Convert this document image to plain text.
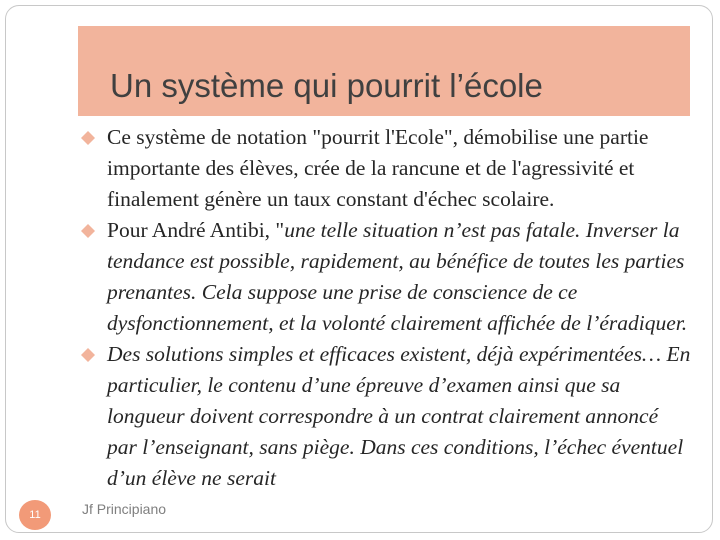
Un système qui pourrit l’école
Ce système de notation "pourrit l'Ecole", démobilise une partie importante des élèves, crée de la rancune et de l'agressivité et finalement génère un taux constant d'échec scolaire.
Pour André Antibi, "une telle situation n’est pas fatale. Inverser la tendance est possible, rapidement, au bénéfice de toutes les parties prenantes. Cela suppose une prise de conscience de ce dysfonctionnement, et la volonté clairement affichée de l’éradiquer.
Des solutions simples et efficaces existent, déjà expérimentées… En particulier, le contenu d’une épreuve d’examen ainsi que sa longueur doivent correspondre à un contrat clairement annoncé par l’enseignant, sans piège. Dans ces conditions, l’échec éventuel d’un élève ne serait
11	Jf Principiano
